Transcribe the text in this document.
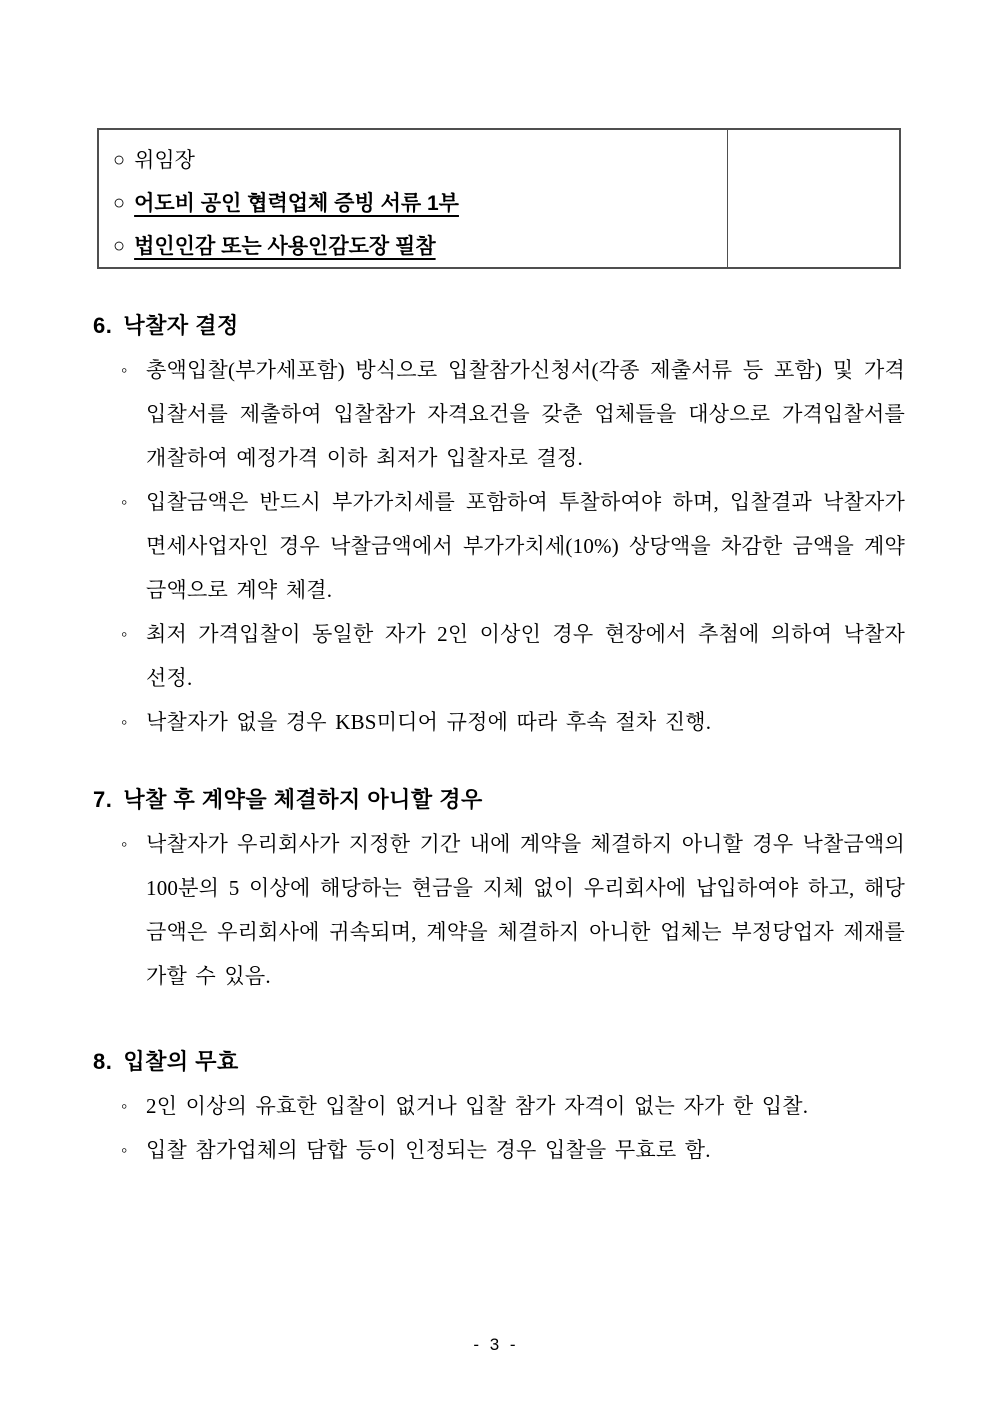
○ 위임장
○ 어도비 공인 협력업체 증빙 서류 1부
○ 법인인감 또는 사용인감도장 필참
6. 낙찰자 결정
◦ 총액입찰(부가세포함) 방식으로 입찰참가신청서(각종 제출서류 등 포함) 및 가격 입찰서를 제출하여 입찰참가 자격요건을 갖춘 업체들을 대상으로 가격입찰서를 개찰하여 예정가격 이하 최저가 입찰자로 결정.
◦ 입찰금액은 반드시 부가가치세를 포함하여 투찰하여야 하며, 입찰결과 낙찰자가 면세사업자인 경우 낙찰금액에서 부가가치세(10%) 상당액을 차감한 금액을 계약 금액으로 계약 체결.
◦ 최저 가격입찰이 동일한 자가 2인 이상인 경우 현장에서 추첨에 의하여 낙찰자 선정.
◦ 낙찰자가 없을 경우 KBS미디어 규정에 따라 후속 절차 진행.
7. 낙찰 후 계약을 체결하지 아니할 경우
◦ 낙찰자가 우리회사가 지정한 기간 내에 계약을 체결하지 아니할 경우 낙찰금액의 100분의 5 이상에 해당하는 현금을 지체 없이 우리회사에 납입하여야 하고, 해당금액은 우리회사에 귀속되며, 계약을 체결하지 아니한 업체는 부정당업자 제재를 가할 수 있음.
8. 입찰의 무효
◦ 2인 이상의 유효한 입찰이 없거나 입찰 참가 자격이 없는 자가 한 입찰.
◦ 입찰 참가업체의 담합 등이 인정되는 경우 입찰을 무효로 함.
- 3 -
